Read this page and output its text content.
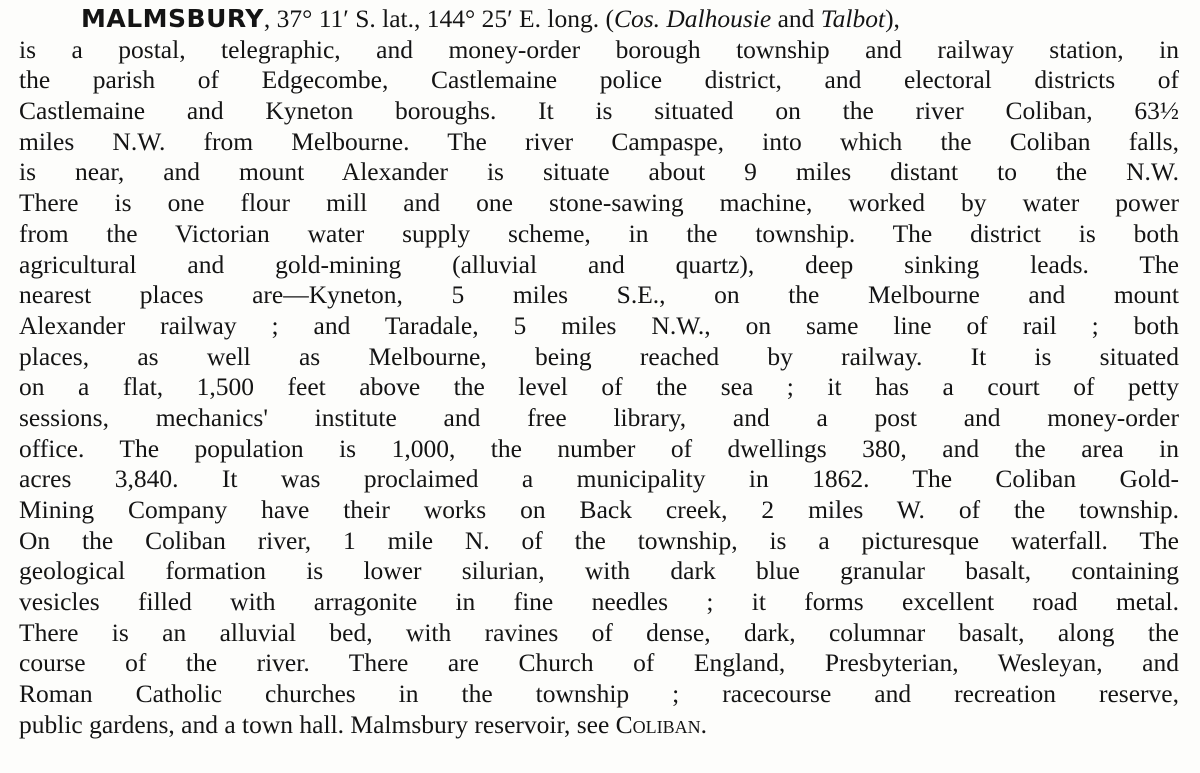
MALMSBURY, 37° 11′ S. lat., 144° 25′ E. long. (Cos. Dalhousie and Talbot),
is a postal, telegraphic, and money-order borough township and railway station, in
the parish of Edgecombe, Castlemaine police district, and electoral districts of
Castlemaine and Kyneton boroughs. It is situated on the river Coliban, 63½
miles N.W. from Melbourne. The river Campaspe, into which the Coliban falls,
is near, and mount Alexander is situate about 9 miles distant to the N.W.
There is one flour mill and one stone-sawing machine, worked by water power
from the Victorian water supply scheme, in the township. The district is both
agricultural and gold-mining (alluvial and quartz), deep sinking leads. The
nearest places are—Kyneton, 5 miles S.E., on the Melbourne and mount
Alexander railway ; and Taradale, 5 miles N.W., on same line of rail ; both
places, as well as Melbourne, being reached by railway. It is situated
on a flat, 1,500 feet above the level of the sea ; it has a court of petty
sessions, mechanics' institute and free library, and a post and money-order
office. The population is 1,000, the number of dwellings 380, and the area in
acres 3,840. It was proclaimed a municipality in 1862. The Coliban Gold-
Mining Company have their works on Back creek, 2 miles W. of the township.
On the Coliban river, 1 mile N. of the township, is a picturesque waterfall. The
geological formation is lower silurian, with dark blue granular basalt, containing
vesicles filled with arragonite in fine needles ; it forms excellent road metal.
There is an alluvial bed, with ravines of dense, dark, columnar basalt, along the
course of the river. There are Church of England, Presbyterian, Wesleyan, and
Roman Catholic churches in the township ; racecourse and recreation reserve,
public gardens, and a town hall. Malmsbury reservoir, see Coliban.
